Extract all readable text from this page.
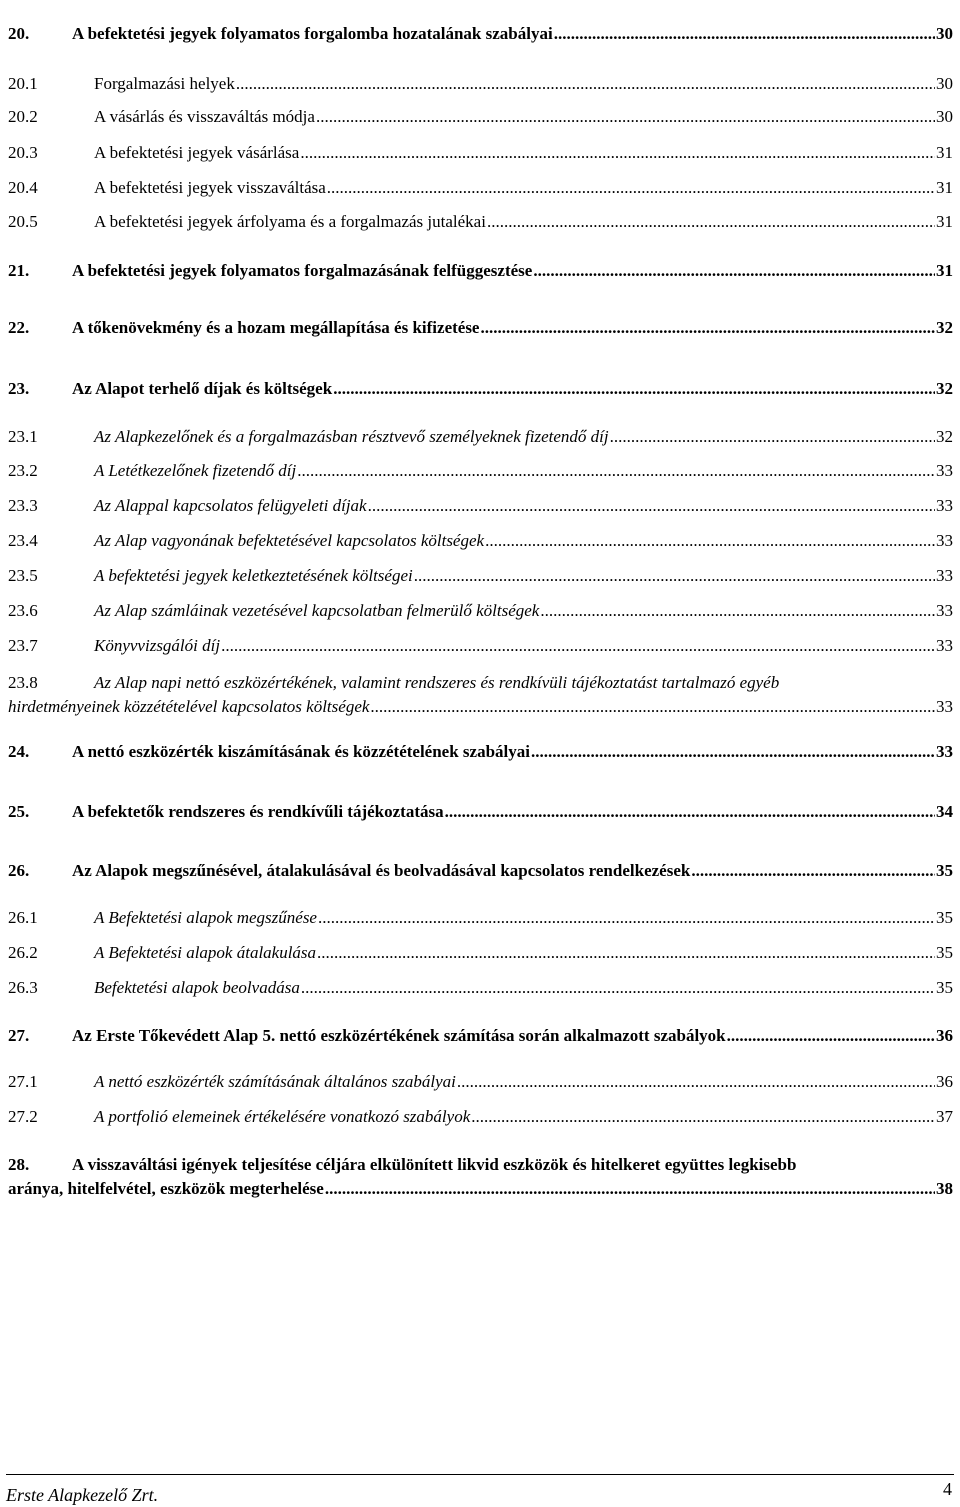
20.	A befektetési jegyek folyamatos forgalomba hozatalának szabályai .....	30
20.1	Forgalmazási helyek .....	30
20.2	A vásárlás és visszaváltás módja .....	30
20.3	A befektetési jegyek vásárlása .....	31
20.4	A befektetési jegyek visszaváltása .....	31
20.5	A befektetési jegyek árfolyama és a forgalmazás jutalékai .....	31
21.	A befektetési jegyek folyamatos forgalmazásának felfüggesztése .....	31
22.	A tőkenövekmény és a hozam megállapítása és kifizetése .....	32
23.	Az Alapot terhelő díjak és költségek .....	32
23.1	Az Alapkezelőnek és a forgalmazásban résztvevő személyeknek fizetendő díj .....	32
23.2	A Letétkezelőnek fizetendő díj .....	33
23.3	Az Alappal kapcsolatos felügyeleti díjak .....	33
23.4	Az Alap vagyonának befektetésével kapcsolatos költségek .....	33
23.5	A befektetési jegyek keletkeztetésének költségei .....	33
23.6	Az Alap számláinak vezetésével kapcsolatban felmerülő költségek .....	33
23.7	Könyvvizsgálói díj .....	33
23.8	Az Alap napi nettó eszközértékének, valamint rendszeres és rendkívüli tájékoztatást tartalmazó egyéb
hirdetményeinek közzétételével kapcsolatos költségek .....	33
24.	A nettó eszközérték kiszámításának és közzétételének szabályai .....	33
25.	A befektetők rendszeres és rendkívűli tájékoztatása .....	34
26.	Az Alapok megszűnésével, átalakulásával és beolvadásával kapcsolatos rendelkezések .....	35
26.1	A Befektetési alapok megszűnése .....	35
26.2	A Befektetési alapok átalakulása .....	35
26.3	Befektetési alapok beolvadása .....	35
27.	Az Erste Tőkevédett Alap 5. nettó eszközértékének számítása során alkalmazott szabályok .....	36
27.1	A nettó eszközérték számításának általános szabályai .....	36
27.2	A portfolió elemeinek értékelésére vonatkozó szabályok .....	37
28.	A visszaváltási igények teljesítése céljára elkülönített likvid eszközök és hitelkeret együttes legkisebb
aránya, hitelfelvétel, eszközök megterhelése .....	38
Erste Alapkezelő Zrt.	4
